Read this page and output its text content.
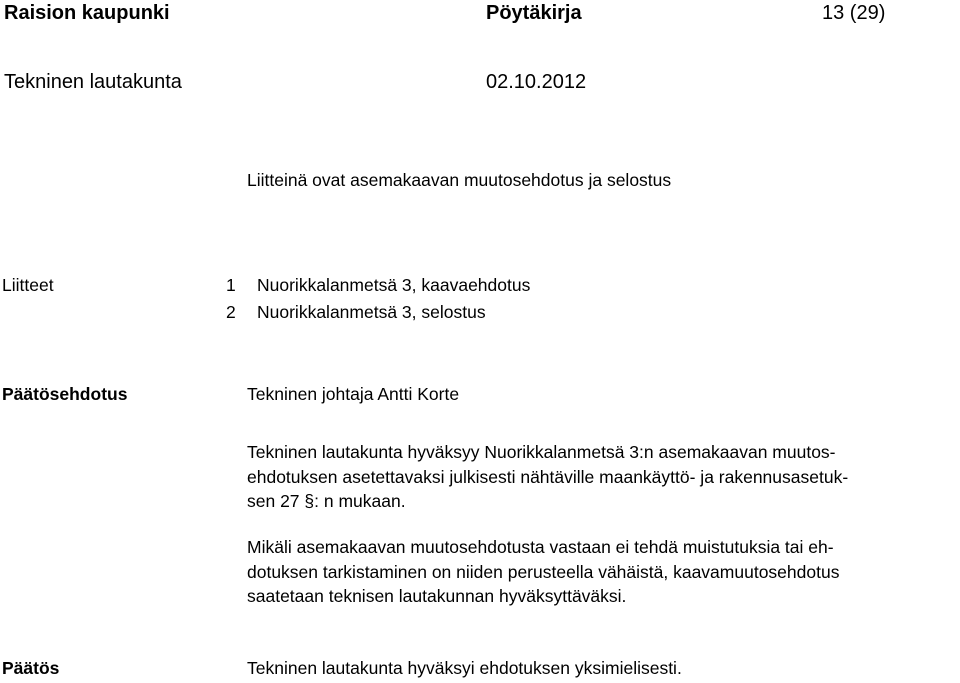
Raision kaupunki	Pöytäkirja	13 (29)
Tekninen lautakunta	02.10.2012
Liitteinä ovat asemakaavan muutosehdotus ja selostus
Liitteet	1 Nuorikkalanmetsä 3, kaavaehdotus
2 Nuorikkalanmetsä 3, selostus
Päätösehdotus	Tekninen johtaja Antti Korte
Tekninen lautakunta hyväksyy Nuorikkalanmetsä 3:n asemakaavan muutos-
ehdotuksen asetettavaksi julkisesti nähtäville maankäyttö- ja rakennusasetuk-
sen 27 §: n mukaan.
Mikäli asemakaavan muutosehdotusta vastaan ei tehdä muistutuksia tai eh-
dotuksen tarkistaminen on niiden perusteella vähäistä, kaavamuutosehdotus
saatetaan teknisen lautakunnan hyväksyttäväksi.
Päätös	Tekninen lautakunta hyväksyi ehdotuksen yksimielisesti.
